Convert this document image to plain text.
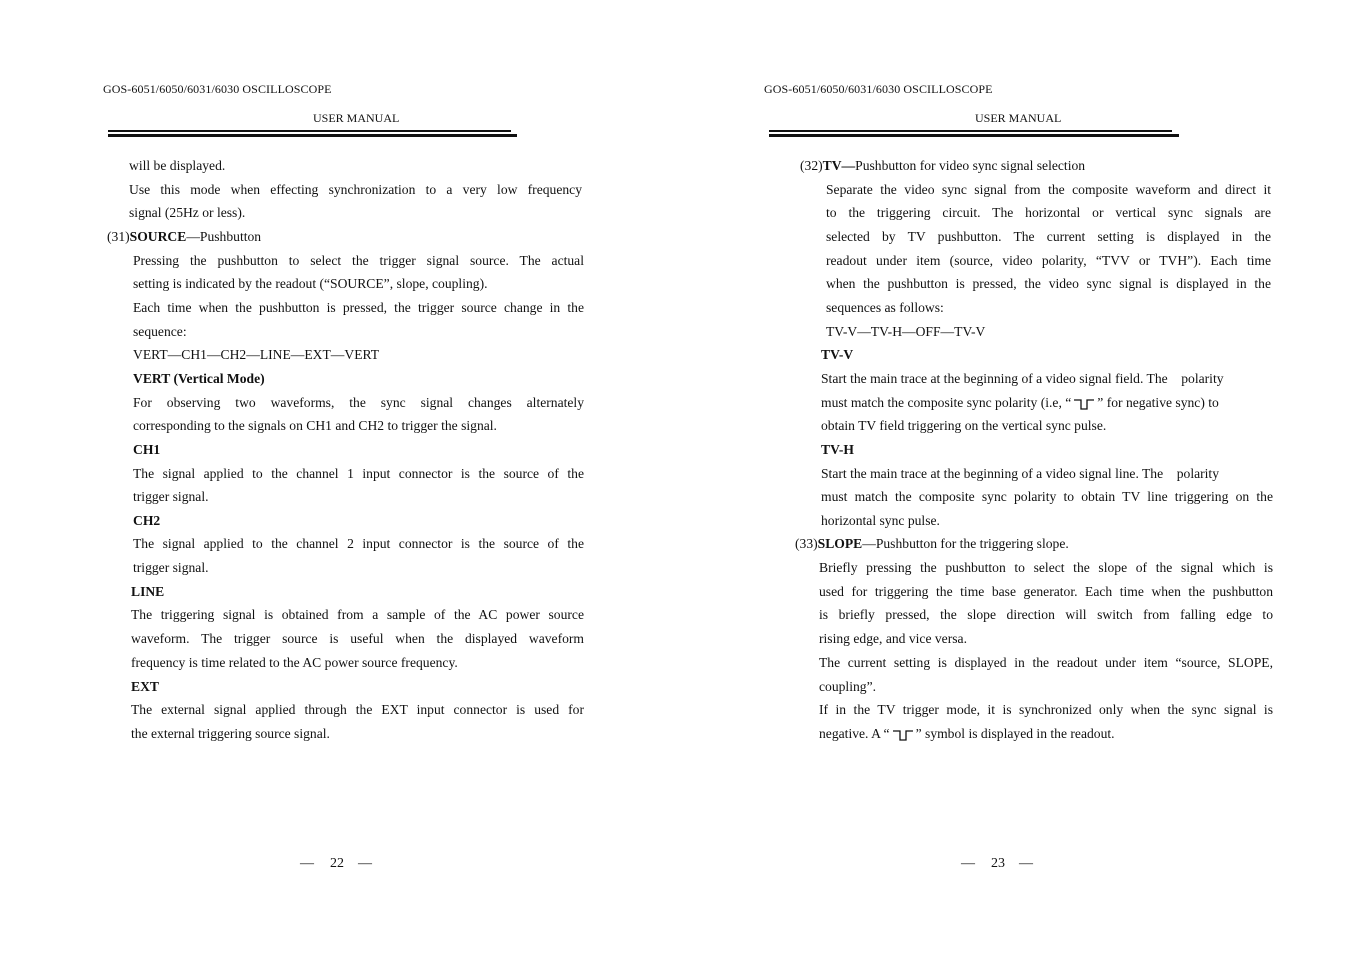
GOS-6051/6050/6031/6030 OSCILLOSCOPE
USER MANUAL
will be displayed.
Use this mode when effecting synchronization to a very low frequency
signal (25Hz or less).
(31)SOURCE—Pushbutton
Pressing the pushbutton to select the trigger signal source. The actual
setting is indicated by the readout (“SOURCE”, slope, coupling).
Each time when the pushbutton is pressed, the trigger source change in the
sequence:
VERT—CH1—CH2—LINE—EXT—VERT
VERT (Vertical Mode)
For observing two waveforms, the sync signal changes alternately
corresponding to the signals on CH1 and CH2 to trigger the signal.
CH1
The signal applied to the channel 1 input connector is the source of the
trigger signal.
CH2
The signal applied to the channel 2 input connector is the source of the
trigger signal.
LINE
The triggering signal is obtained from a sample of the AC power source
waveform. The trigger source is useful when the displayed waveform
frequency is time related to the AC power source frequency.
EXT
The external signal applied through the EXT input connector is used for
the external triggering source signal.
— 22 —
GOS-6051/6050/6031/6030 OSCILLOSCOPE
USER MANUAL
(32)TV—Pushbutton for video sync signal selection
Separate the video sync signal from the composite waveform and direct it
to the triggering circuit. The horizontal or vertical sync signals are
selected by TV pushbutton. The current setting is displayed in the
readout under item (source, video polarity, “TVV or TVH”). Each time
when the pushbutton is pressed, the video sync signal is displayed in the
sequences as follows:
TV-V—TV-H—OFF—TV-V
TV-V
Start the main trace at the beginning of a video signal field. The    polarity
must match the composite sync polarity (i.e, “ ” for negative sync) to
obtain TV field triggering on the vertical sync pulse.
TV-H
Start the main trace at the beginning of a video signal line. The    polarity
must match the composite sync polarity to obtain TV line triggering on the
horizontal sync pulse.
(33)SLOPE—Pushbutton for the triggering slope.
Briefly pressing the pushbutton to select the slope of the signal which is
used for triggering the time base generator. Each time when the pushbutton
is briefly pressed, the slope direction will switch from falling edge to
rising edge, and vice versa.
The current setting is displayed in the readout under item “source, SLOPE,
coupling”.
If in the TV trigger mode, it is synchronized only when the sync signal is
negative. A “ ” symbol is displayed in the readout.
— 23 —
